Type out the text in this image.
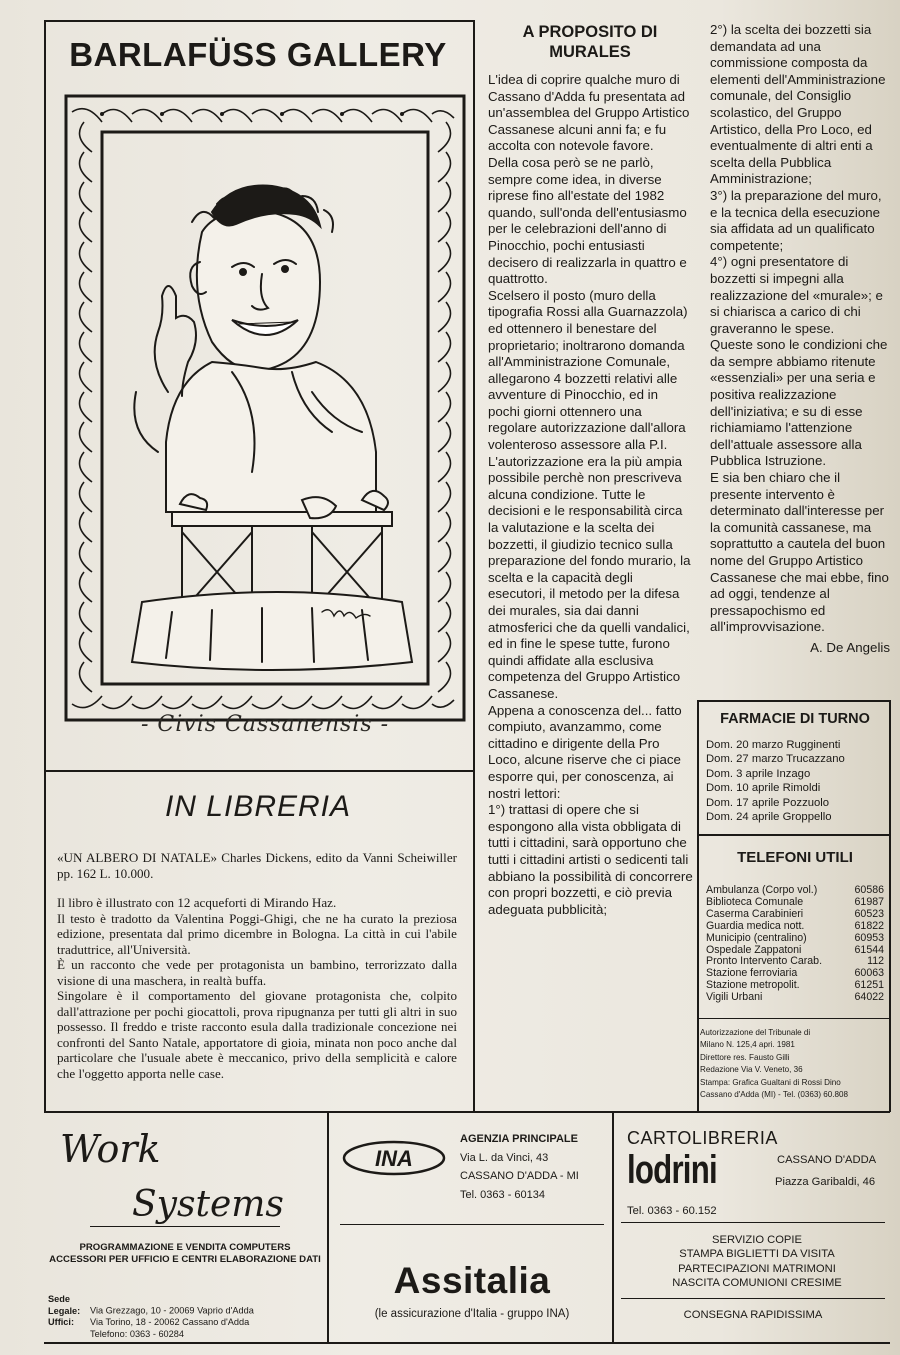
BARLAFÜSS GALLERY
- Civis Cassanensis -
IN LIBRERIA

«UN ALBERO DI NATALE» Charles Dickens, edito da Vanni Scheiwiller pp. 162 L. 10.000.

Il libro è illustrato con 12 acqueforti di Mirando Haz.

Il testo è tradotto da Valentina Poggi-Ghigi, che ne ha curato la preziosa edizione, presentata dal primo dicembre in Bologna. La città in cui l'abile traduttrice, all'Università.

È un racconto che vede per protagonista un bambino, terrorizzato dalla visione di una maschera, in realtà buffa.

Singolare è il comportamento del giovane protagonista che, colpito dall'attrazione per pochi giocattoli, prova ripugnanza per tutti gli altri in suo possesso. Il freddo e triste racconto esula dalla tradizionale concezione nei confronti del Santo Natale, apportatore di gioia, minata non poco anche dal particolare che l'usuale abete è meccanico, privo della semplicità e calore che l'oggetto apporta nelle case.

A PROPOSITO DI
MURALES

L'idea di coprire qualche muro di Cassano d'Adda fu presentata ad un'assemblea del Gruppo Artistico Cassanese alcuni anni fa; e fu accolta con notevole favore.

Della cosa però se ne parlò, sempre come idea, in diverse riprese fino all'estate del 1982 quando, sull'onda dell'entusiasmo per le celebrazioni dell'anno di Pinocchio, pochi entusiasti decisero di realizzarla in quattro e quattrotto.

Scelsero il posto (muro della tipografia Rossi alla Guarnazzola) ed ottennero il benestare del proprietario; inoltrarono domanda all'Amministrazione Comunale, allegarono 4 bozzetti relativi alle avventure di Pinocchio, ed in pochi giorni ottennero una regolare autorizzazione dall'allora volenteroso assessore alla P.I.

L'autorizzazione era la più ampia possibile perchè non prescriveva alcuna condizione. Tutte le decisioni e le responsabilità circa la valutazione e la scelta dei bozzetti, il giudizio tecnico sulla preparazione del fondo murario, la scelta e la capacità degli esecutori, il metodo per la difesa dei murales, sia dai danni atmosferici che da quelli vandalici, ed in fine le spese tutte, furono quindi affidate alla esclusiva competenza del Gruppo Artistico Cassanese.

Appena a conoscenza del... fatto compiuto, avanzammo, come cittadino e dirigente della Pro Loco, alcune riserve che ci piace esporre qui, per conoscenza, ai nostri lettori:

1°) trattasi di opere che si espongono alla vista obbligata di tutti i cittadini, sarà opportuno che tutti i cittadini artisti o sedicenti tali abbiano la possibilità di concorrere con propri bozzetti, e ciò previa adeguata pubblicità;

2°) la scelta dei bozzetti sia demandata ad una commissione composta da elementi dell'Amministrazione comunale, del Consiglio scolastico, del Gruppo Artistico, della Pro Loco, ed eventualmente di altri enti a scelta della Pubblica Amministrazione;

3°) la preparazione del muro, e la tecnica della esecuzione sia affidata ad un qualificato competente;

4°) ogni presentatore di bozzetti si impegni alla realizzazione del «murale»; e si chiarisca a carico di chi graveranno le spese.

Queste sono le condizioni che da sempre abbiamo ritenute «essenziali» per una seria e positiva realizzazione dell'iniziativa; e su di esse richiamiamo l'attenzione dell'attuale assessore alla Pubblica Istruzione.

E sia ben chiaro che il presente intervento è determinato dall'interesse per la comunità cassanese, ma soprattutto a cautela del buon nome del Gruppo Artistico Cassanese che mai ebbe, fino ad oggi, tendenze al pressapochismo ed all'improvvisazione.

A. De Angelis

FARMACIE DI TURNO
Dom. 20 marzo Rugginenti
Dom. 27 marzo Trucazzano
Dom. 3 aprile Inzago
Dom. 10 aprile Rimoldi
Dom. 17 aprile Pozzuolo
Dom. 24 aprile Groppello
TELEFONI UTILI
Ambulanza (Corpo vol.)	60586
Biblioteca Comunale	61987
Caserma Carabinieri	60523
Guardia medica nott.	61822
Municipio (centralino)	60953
Ospedale Zappatoni	61544
Pronto Intervento Carab.	112
Stazione ferroviaria	60063
Stazione metropolit.	61251
Vigili Urbani	64022
Autorizzazione del Tribunale di
Milano N. 125,4 apri. 1981
Direttore res. Fausto Gilli
Redazione Via V. Veneto, 36
Stampa: Grafica Gualtani di Rossi Dino
Cassano d'Adda (MI) - Tel. (0363) 60.808
Work
Systems
PROGRAMMAZIONE E VENDITA COMPUTERS
ACCESSORI PER UFFICIO E CENTRI ELABORAZIONE DATI
Sede Legale: Via Grezzago, 10 - 20069 Vaprio d'Adda
Uffici: Via Torino, 18 - 20062 Cassano d'Adda
Telefono: 0363 - 60284
INA
AGENZIA PRINCIPALE
Via L. da Vinci, 43
CASSANO D'ADDA - MI
Tel. 0363 - 60134
Assitalia
(le assicurazione d'Italia - gruppo INA)
CARTOLIBRERIA
lodrini	CASSANO D'ADDA
Piazza Garibaldi, 46
Tel. 0363 - 60.152
SERVIZIO COPIE
STAMPA BIGLIETTI DA VISITA
PARTECIPAZIONI MATRIMONI
NASCITA COMUNIONI CRESIME
CONSEGNA RAPIDISSIMA
